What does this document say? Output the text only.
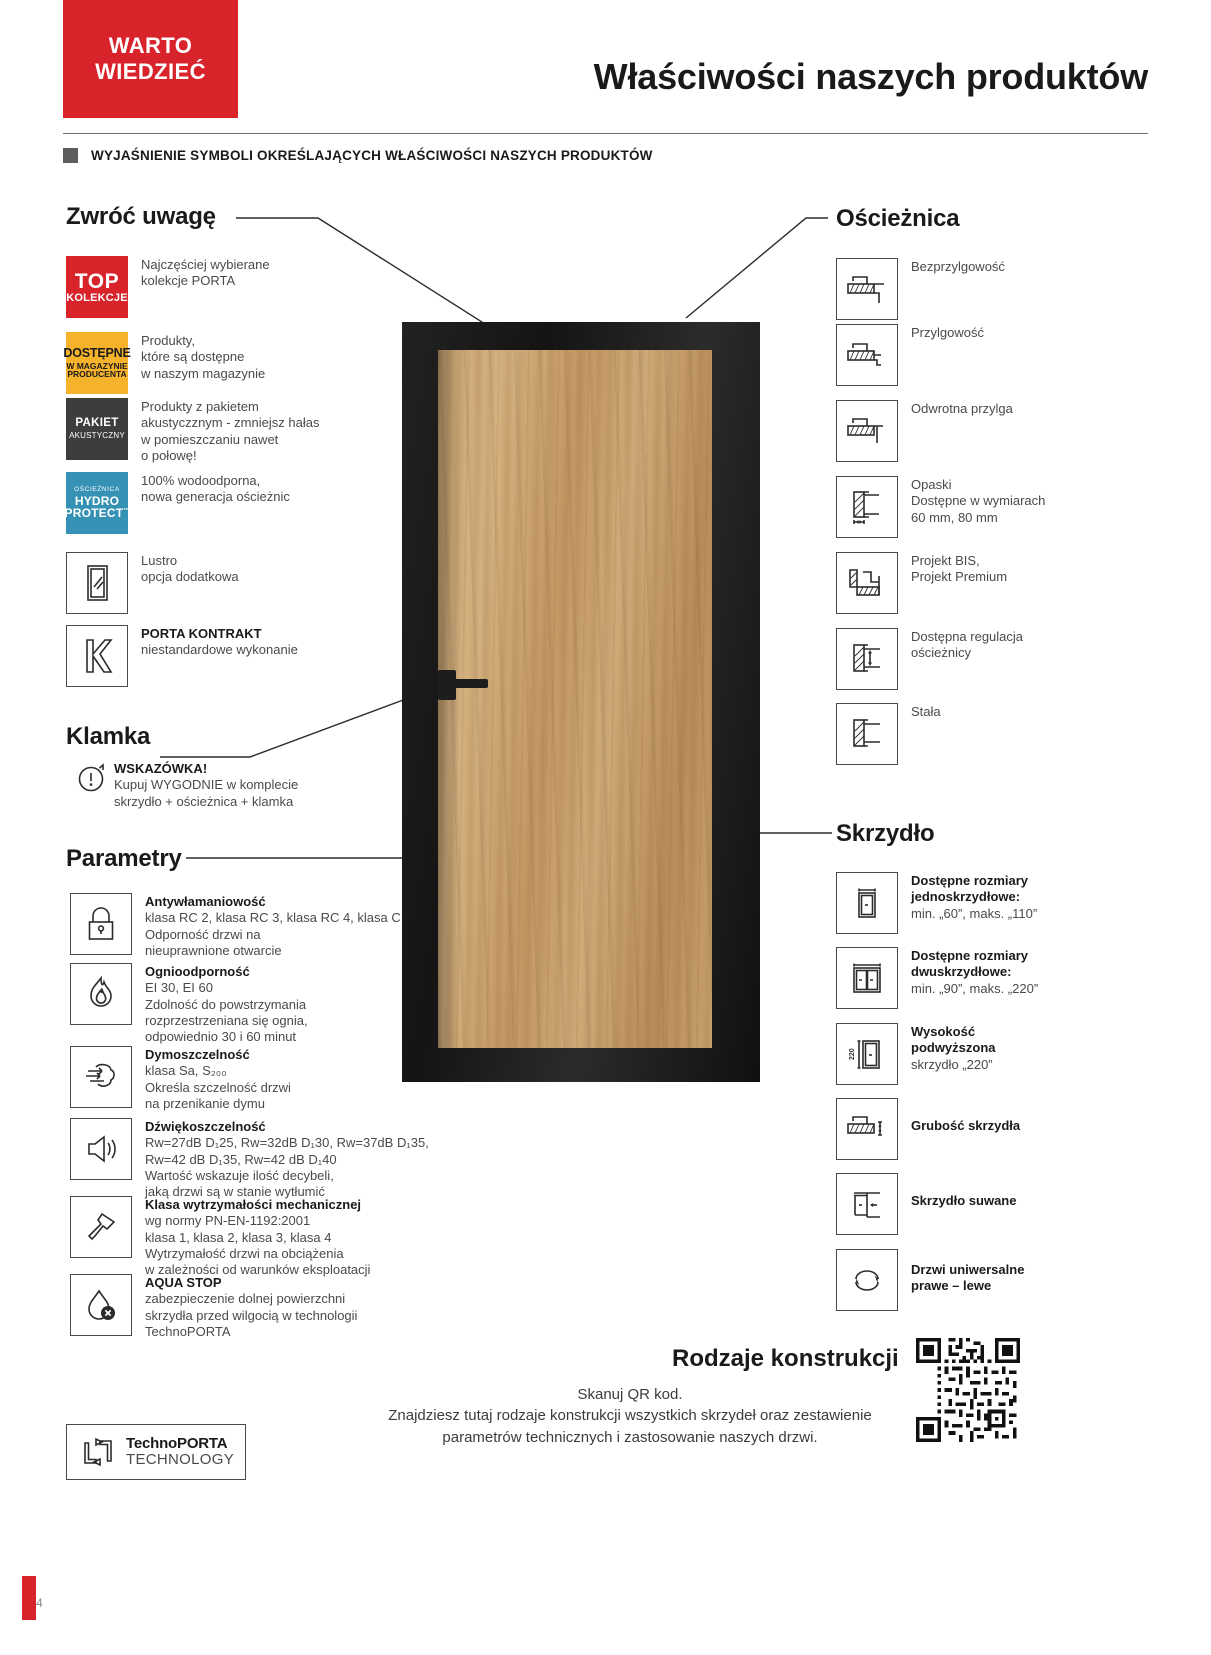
WARTO
WIEDZIEĆ	Właściwości naszych produktów
WYJAŚNIENIE SYMBOLI OKREŚLAJĄCYCH WŁAŚCIWOŚCI NASZYCH PRODUKTÓW
Zwróć uwagę
TOP
KOLEKCJE
Najczęściej wybierane
kolekcje PORTA
DOSTĘPNE
W MAGAZYNIE
PRODUCENTA
Produkty,
które są dostępne
w naszym magazynie
PAKIET
AKUSTYCZNY
Produkty z pakietem
akustyczznym - zmniejsz hałas
w pomieszczaniu nawet
o połowę!
OŚCIEŻNICA
HYDRO
PROTECT™
100% wodoodporna,
nowa generacja ościeżnic
Lustro
opcja dodatkowa
PORTA KONTRAKT
niestandardowe wykonanie
Klamka
WSKAZÓWKA!
Kupuj WYGODNIE w komplecie
skrzydło + ościeżnica + klamka
Parametry
Antywłamaniowość
klasa RC 2, klasa RC 3, klasa RC 4, klasa C
Odporność drzwi na
nieuprawnione otwarcie
Ognioodporność
EI 30, EI 60
Zdolność do powstrzymania
rozprzestrzeniana się ognia,
odpowiednio 30 i 60 minut
Dymoszczelność
klasa Sa, S₂₀₀
Określa szczelność drzwi
na przenikanie dymu
Dźwiękoszczelność
Rw=27dB D₁25, Rw=32dB D₁30, Rw=37dB D₁35,
Rw=42 dB D₁35, Rw=42 dB D₁40
Wartość wskazuje ilość decybeli,
jaką drzwi są w stanie wytłumić
Klasa wytrzymałości mechanicznej
wg normy PN-EN-1192:2001
klasa 1, klasa 2, klasa 3, klasa 4
Wytrzymałość drzwi na obciążenia
w zależności od warunków eksploatacji
AQUA STOP
zabezpieczenie dolnej powierzchni
skrzydła przed wilgocią w technologii
TechnoPORTA
TechnoPORTA
TECHNOLOGY
Ościeżnica
Bezprzylgowość
Przylgowość
Odwrotna przylga
Opaski
Dostępne w wymiarach
60 mm, 80 mm
Projekt BIS,
Projekt Premium
Dostępna regulacja
ościeżnicy
Stała
Skrzydło
Dostępne rozmiary
jednoskrzydłowe:
min. „60”, maks. „110”
Dostępne rozmiary
dwuskrzydłowe:
min. „90”, maks. „220”
220
Wysokość
podwyższona
skrzydło „220”
Grubość skrzydła
Skrzydło suwane
Drzwi uniwersalne
prawe – lewe
Rodzaje konstrukcji
Skanuj QR kod.
Znajdziesz tutaj rodzaje konstrukcji wszystkich skrzydeł oraz zestawienie
parametrów technicznych i zastosowanie naszych drzwi.
4
